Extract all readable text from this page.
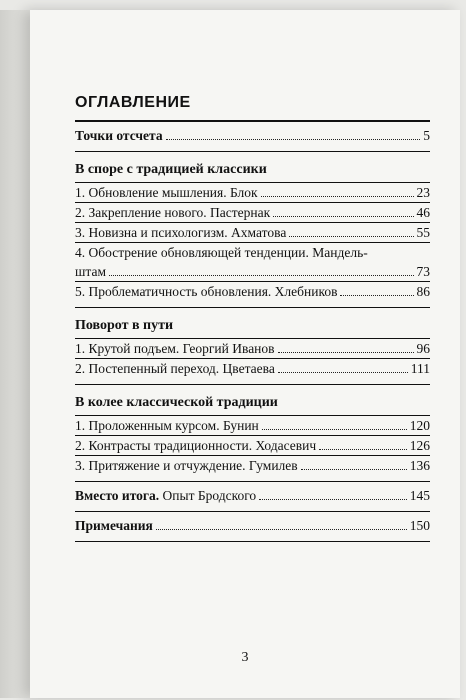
ОГЛАВЛЕНИЕ
Точки отсчета	5
В споре с традицией классики
1. Обновление мышления. Блок	23
2. Закрепление нового. Пастернак	46
3. Новизна и психологизм. Ахматова	55
4. Обострение обновляющей тенденции. Мандель-
штам	73
5. Проблематичность обновления. Хлебников	86
Поворот в пути
1. Крутой подъем. Георгий Иванов	96
2. Постепенный переход. Цветаева	111
В колее классической традиции
1. Проложенным курсом. Бунин	120
2. Контрасты традиционности. Ходасевич	126
3. Притяжение и отчуждение. Гумилев	136
Вместо итога. Опыт Бродского	145
Примечания	150
3
